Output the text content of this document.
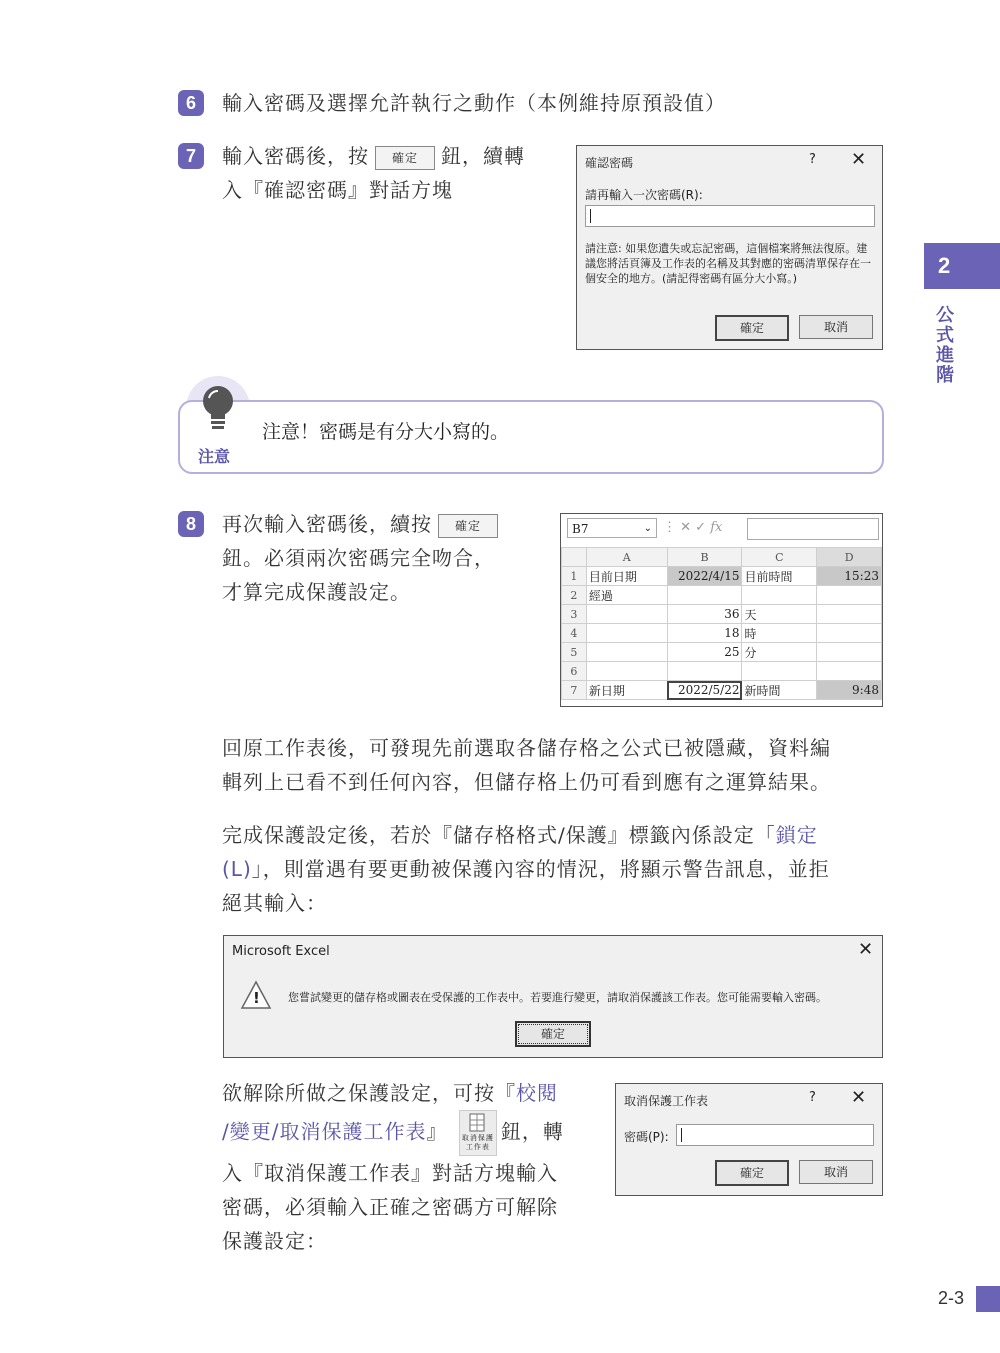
6	輸入密碼及選擇允許執行之動作（本例維持原預設值）
7	輸入密碼後，按 確定 鈕，續轉
入『確認密碼』對話方塊
確認密碼	? ✕
請再輸入一次密碼(R):
請注意: 如果您遺失或忘記密碼，這個檔案將無法復原。建議您將活頁簿及工作表的名稱及其對應的密碼清單保存在一個安全的地方。(請記得密碼有區分大小寫。)
確定	取消
2
公式進階
注意
注意！密碼是有分大小寫的。
8	再次輸入密碼後，續按 確定
鈕。必須兩次密碼完全吻合，
才算完成保護設定。
B7	⌄ ⋮ ✕ ✓ fx
	A	B	C	D
1	目前日期	2022/4/15	目前時間	15:23
2	經過			
3		36	天	
4		18	時	
5		25	分	
6				
7	新日期	2022/5/22	新時間	9:48
回原工作表後，可發現先前選取各儲存格之公式已被隱藏，資料編
輯列上已看不到任何內容，但儲存格上仍可看到應有之運算結果。
完成保護設定後，若於『儲存格格式/保護』標籤內係設定「鎖定
(L)」，則當遇有要更動被保護內容的情況，將顯示警告訊息，並拒
絕其輸入：
Microsoft Excel	✕
!	您嘗試變更的儲存格或圖表在受保護的工作表中。若要進行變更，請取消保護該工作表。您可能需要輸入密碼。
確定
欲解除所做之保護設定，可按『校閱
/變更/取消保護工作表』 取消保護工作表
鈕，轉
入『取消保護工作表』對話方塊輸入
密碼，必須輸入正確之密碼方可解除
保護設定：
取消保護工作表	? ✕
密碼(P):
確定	取消
2-3
